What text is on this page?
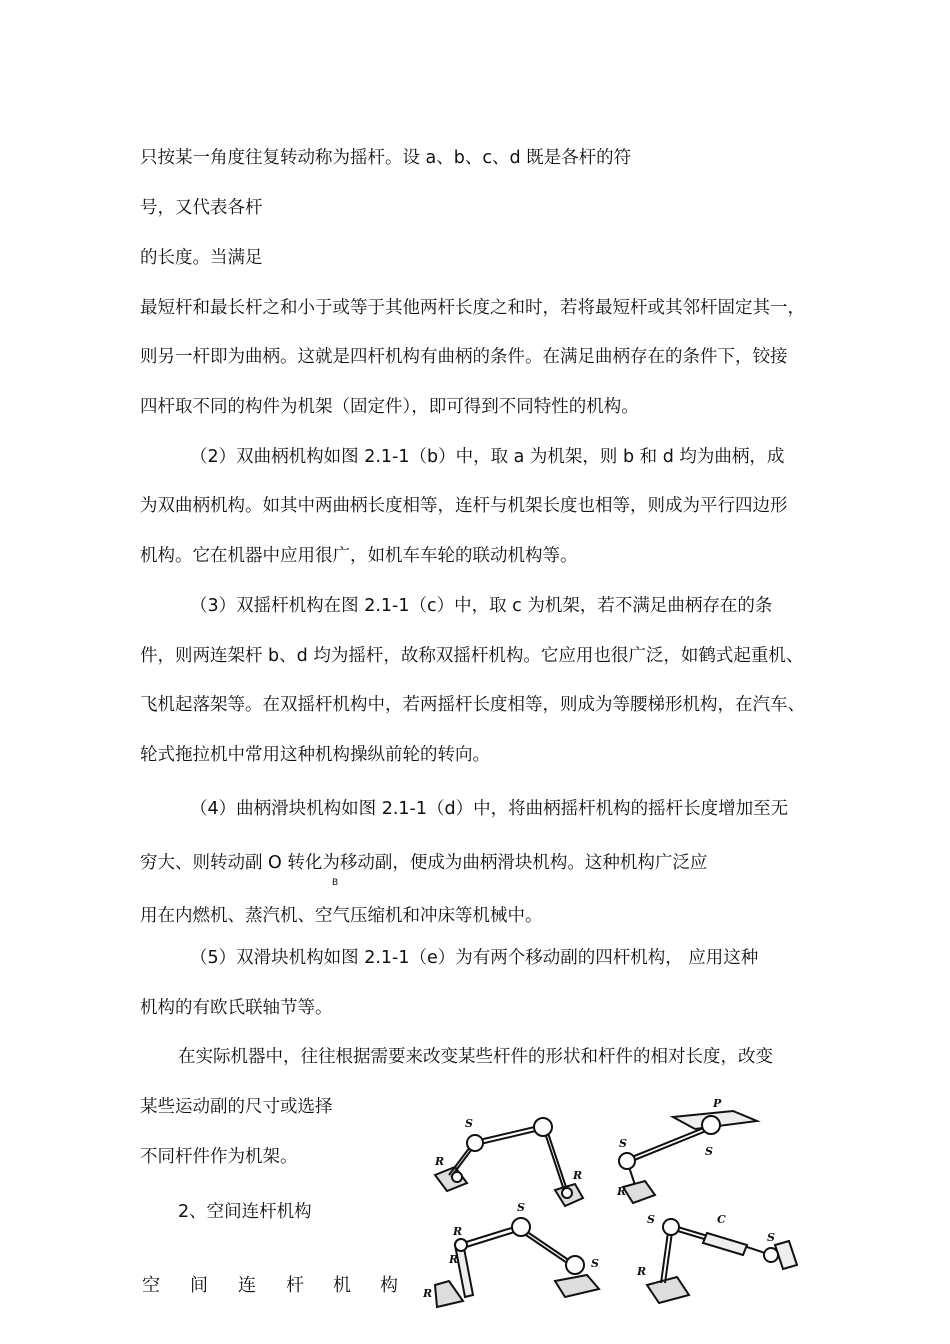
只按某一角度往复转动称为摇杆。设 a、b、c、d 既是各杆的符
号，又代表各杆
的长度。当满足
最短杆和最长杆之和小于或等于其他两杆长度之和时，若将最短杆或其邻杆固定其一，
则另一杆即为曲柄。这就是四杆机构有曲柄的条件。在满足曲柄存在的条件下，铰接
四杆取不同的构件为机架（固定件），即可得到不同特性的机构。
（2）双曲柄机构如图 2.1-1（b）中，取 a 为机架，则 b 和 d 均为曲柄，成
为双曲柄机构。如其中两曲柄长度相等，连杆与机架长度也相等，则成为平行四边形
机构。它在机器中应用很广，如机车车轮的联动机构等。
（3）双摇杆机构在图 2.1-1（c）中，取 c 为机架，若不满足曲柄存在的条
件，则两连架杆 b、d 均为摇杆，故称双摇杆机构。它应用也很广泛，如鹤式起重机、
飞机起落架等。在双摇杆机构中，若两摇杆长度相等，则成为等腰梯形机构，在汽车、
轮式拖拉机中常用这种机构操纵前轮的转向。
（4）曲柄滑块机构如图 2.1-1（d）中，将曲柄摇杆机构的摇杆长度增加至无
穷大、则转动副 O 转化为移动副，便成为曲柄滑块机构。这种机构广泛应
B
用在内燃机、蒸汽机、空气压缩机和冲床等机械中。
（5）双滑块机构如图 2.1-1（e）为有两个移动副的四杆机构， 应用这种
机构的有欧氏联轴节等。
在实际机器中，往往根据需要来改变某些杆件的形状和杆件的相对长度，改变
某些运动副的尺寸或选择
不同杆件作为机架。
2、空间连杆机构
空 间 连 杆 机 构
S
R
R
P
S
S
R
S
R
R
R
S
S	C
S
R
